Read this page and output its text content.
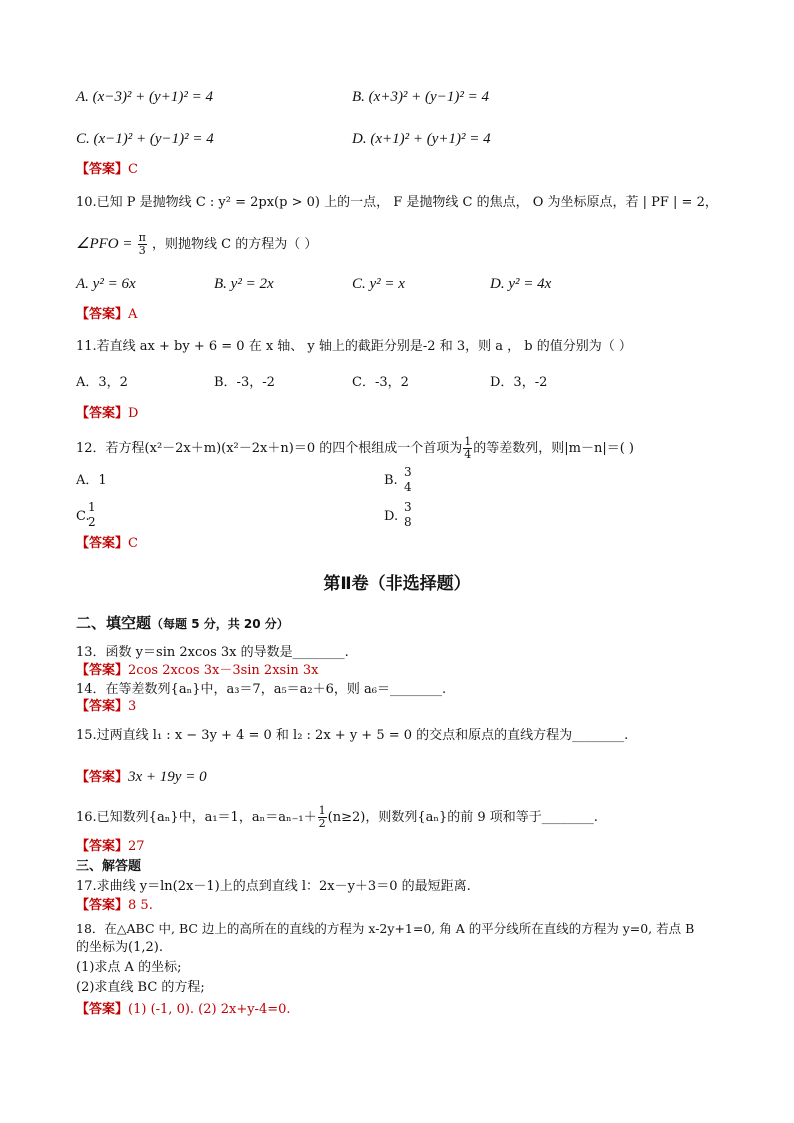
A. (x−3)² + (y+1)² = 4	B. (x+3)² + (y−1)² = 4
C. (x−1)² + (y−1)² = 4	D. (x+1)² + (y+1)² = 4
【答案】C
10.已知 P 是抛物线 C : y² = 2px(p > 0) 上的一点， F 是抛物线 C 的焦点， O 为坐标原点，若 | PF | = 2，
∠PFO = $\frac{\pi}{3}$ ，则抛物线 C 的方程为（ ）
A. y² = 6x	B. y² = 2x	C. y² = x	D. y² = 4x
【答案】A
11.若直线 ax + by + 6 = 0 在 x 轴、 y 轴上的截距分别是-2 和 3，则 a ， b 的值分别为（ ）
A．3，2	B．-3，-2	C．-3，2	D．3，-2
【答案】D
12．若方程(x²－2x＋m)(x²－2x＋n)＝0 的四个根组成一个首项为 $\frac{1}{4}$ 的等差数列，则|m－n|＝( )
A．1	B.
3
4
C.
1
2	D.
3
8
【答案】C
第Ⅱ卷（非选择题）
二、填空题（每题 5 分，共 20 分）
13．函数 y＝sin 2xcos 3x 的导数是________.
【答案】2cos 2xcos 3x－3sin 2xsin 3x
14．在等差数列{aₙ}中，a₃＝7，a₅＝a₂＋6，则 a₆＝________.
【答案】3
15.过两直线 l₁ : x − 3y + 4 = 0 和 l₂ : 2x + y + 5 = 0 的交点和原点的直线方程为________.
【答案】3x + 19y = 0
16.已知数列{aₙ}中，a₁＝1，$a_n=a_{n-1}+ \frac{1}{2} (n\ge 2)$，则数列{aₙ}的前 9 项和等于________.
【答案】27
三、解答题
17.求曲线 y＝ln(2x－1)上的点到直线 l：2x－y＋3＝0 的最短距离.
【答案】8 5.
18．在△ABC 中, BC 边上的高所在的直线的方程为 x-2y+1=0, 角 A 的平分线所在直线的方程为 y=0, 若点 B
的坐标为(1,2).
(1)求点 A 的坐标;
(2)求直线 BC 的方程;
【答案】(1) (-1, 0). (2) 2x+y-4=0.
